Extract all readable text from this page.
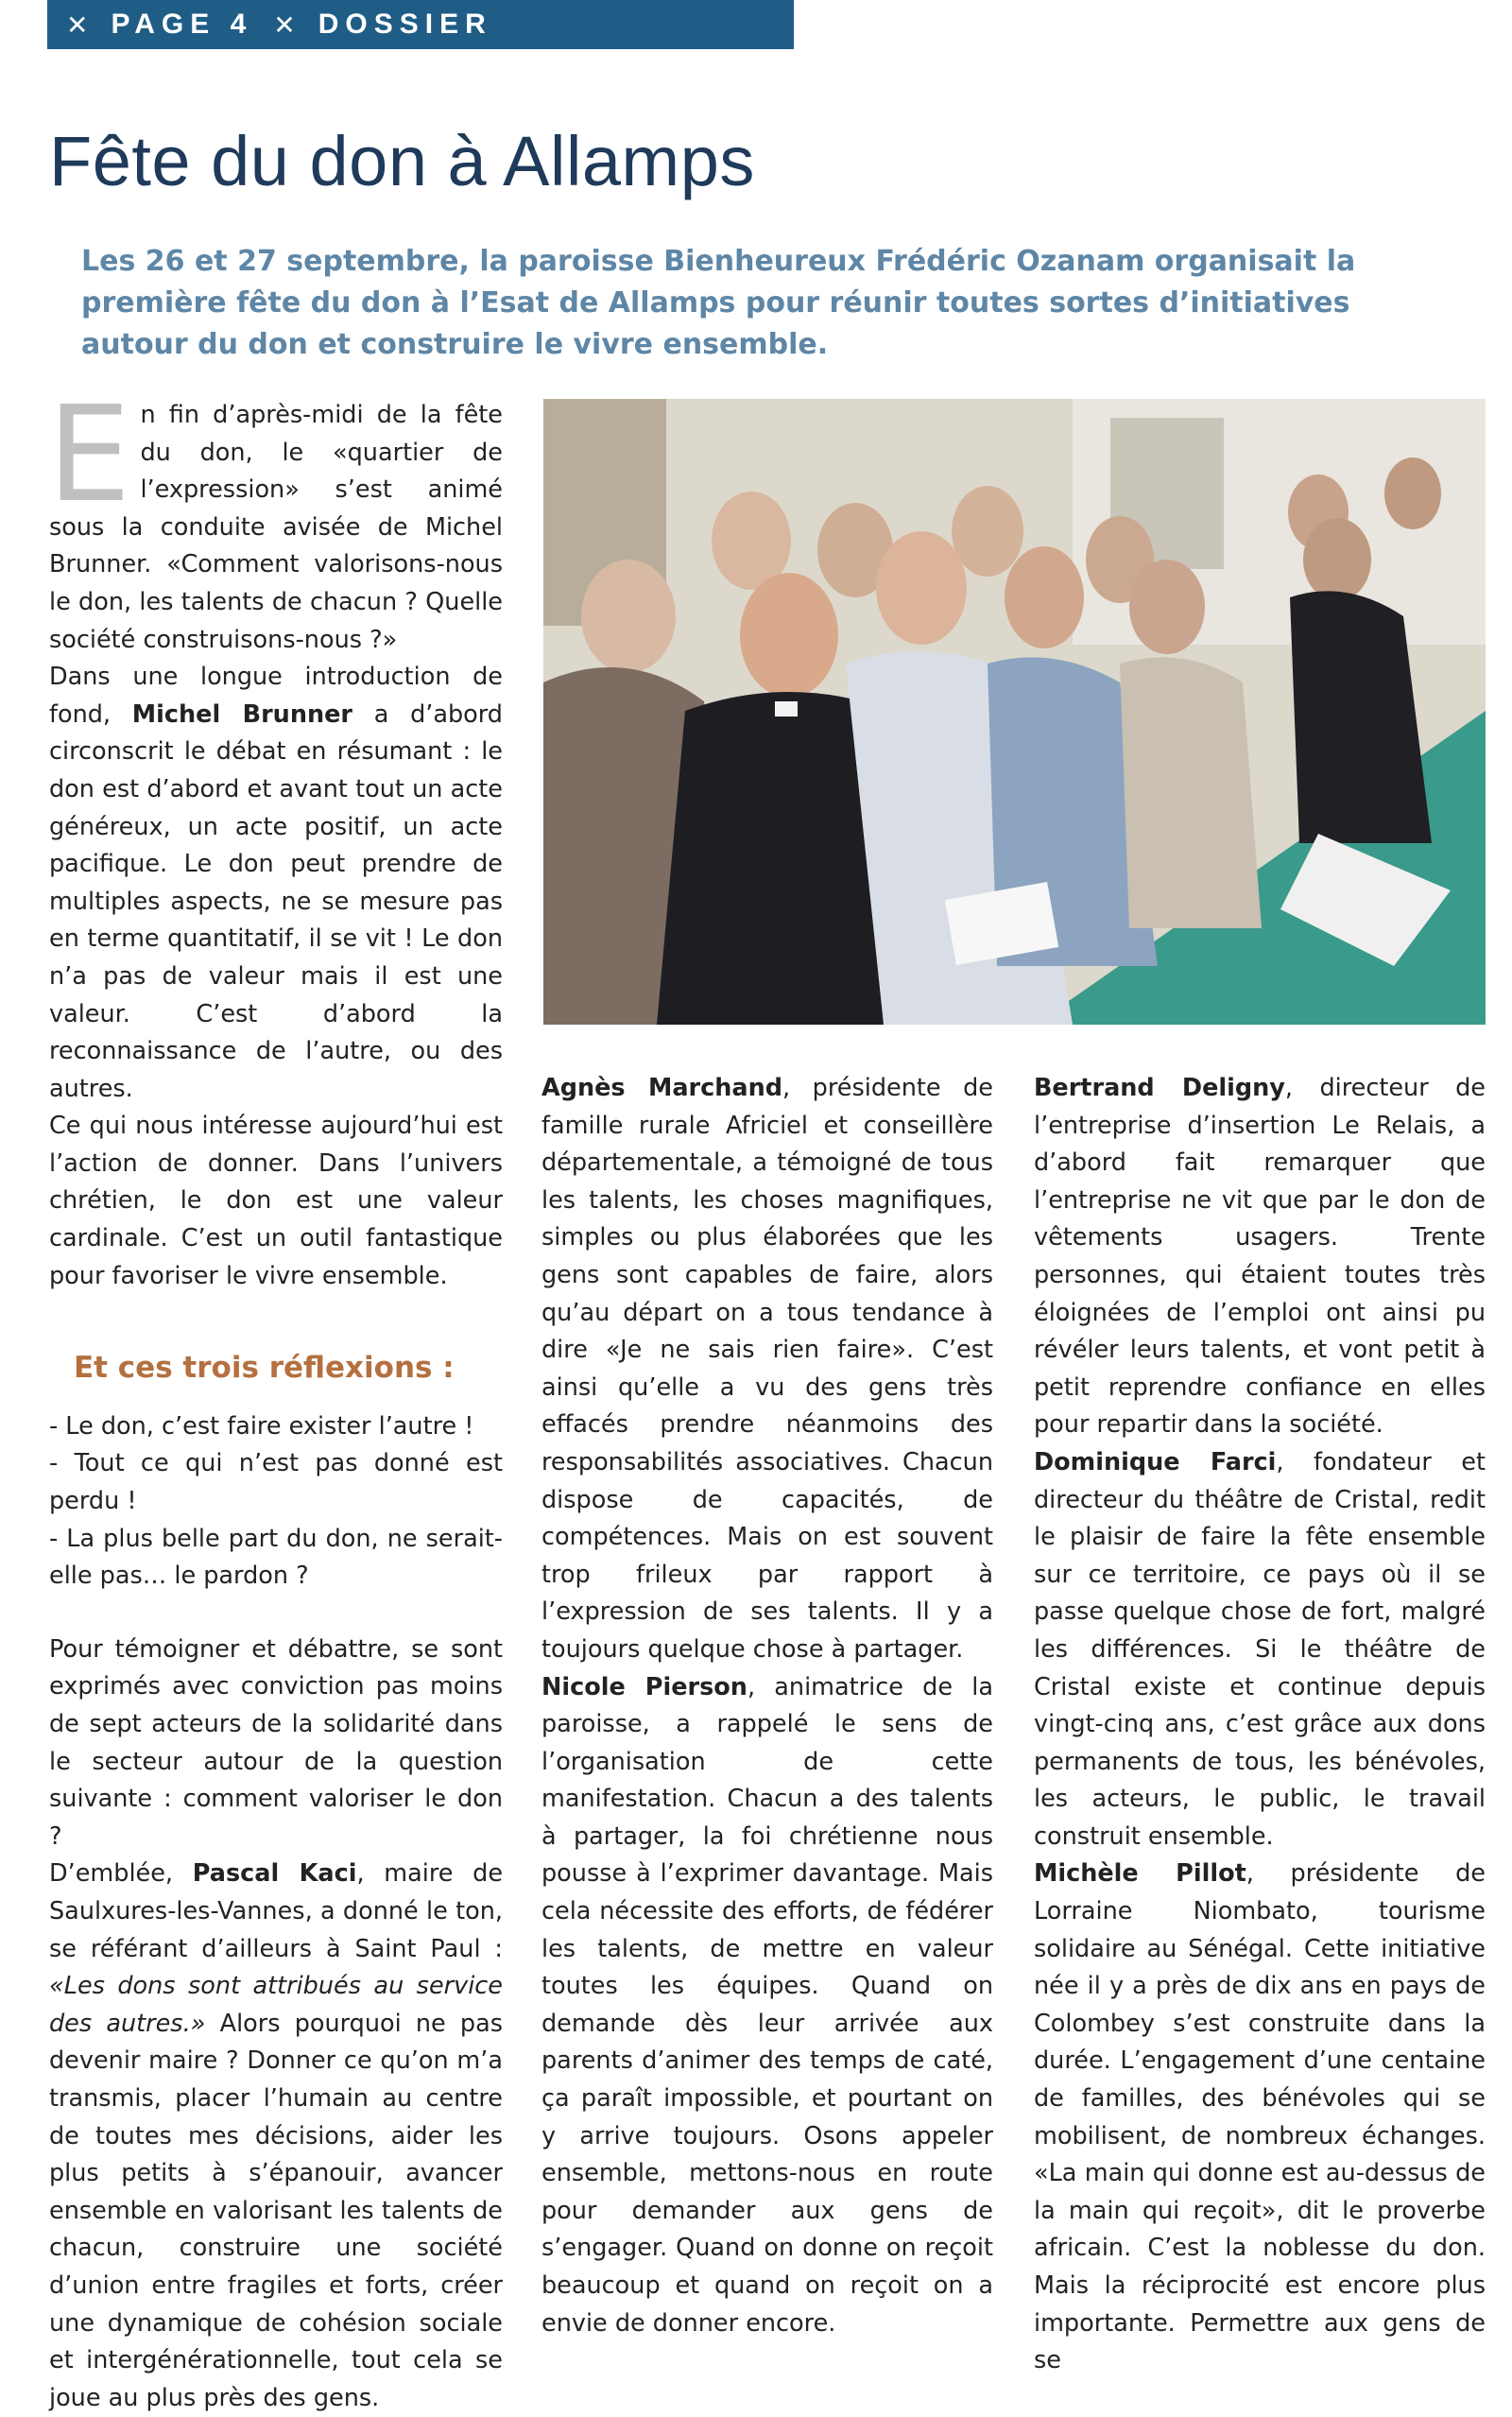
✕ PAGE 4 ✕ DOSSIER
Fête du don à Allamps

Les 26 et 27 septembre, la paroisse Bienheureux Frédéric Ozanam organisait la première fête du don à l’Esat de Allamps pour réunir toutes sortes d’initiatives autour du don et construire le vivre ensemble.

En fin d’après-midi de la fête du don, le «quartier de l’expression» s’est animé sous la conduite avisée de Michel Brunner. «Comment valorisons-nous le don, les talents de chacun ? Quelle société construisons-nous ?»

Dans une longue introduction de fond, Michel Brunner a d’abord circonscrit le débat en résumant : le don est d’abord et avant tout un acte généreux, un acte positif, un acte pacifique. Le don peut prendre de multiples aspects, ne se mesure pas en terme quantitatif, il se vit ! Le don n’a pas de valeur mais il est une valeur. C’est d’abord la reconnaissance de l’autre, ou des autres.

Ce qui nous intéresse aujourd’hui est l’action de donner. Dans l’univers chrétien, le don est une valeur cardinale. C’est un outil fantastique pour favoriser le vivre ensemble.

Et ces trois réflexions :

- Le don, c’est faire exister l’autre !

- Tout ce qui n’est pas donné est perdu !

- La plus belle part du don, ne serait-elle pas… le pardon ?

Pour témoigner et débattre, se sont exprimés avec conviction pas moins de sept acteurs de la solidarité dans le secteur autour de la question suivante : comment valoriser le don ?

D’emblée, Pascal Kaci, maire de Saulxures-les-Vannes, a donné le ton, se référant d’ailleurs à Saint Paul : «Les dons sont attribués au service des autres.» Alors pourquoi ne pas devenir maire ? Donner ce qu’on m’a transmis, placer l’humain au centre de toutes mes décisions, aider les plus petits à s’épanouir, avancer ensemble en valorisant les talents de chacun, construire une société d’union entre fragiles et forts, créer une dynamique de cohésion sociale et intergénérationnelle, tout cela se joue au plus près des gens.

Agnès Marchand, présidente de famille rurale Africiel et conseillère départementale, a témoigné de tous les talents, les choses magnifiques, simples ou plus élaborées que les gens sont capables de faire, alors qu’au départ on a tous tendance à dire «Je ne sais rien faire». C’est ainsi qu’elle a vu des gens très effacés prendre néanmoins des responsabilités associatives. Chacun dispose de capacités, de compétences. Mais on est souvent trop frileux par rapport à l’expression de ses talents. Il y a toujours quelque chose à partager.

Nicole Pierson, animatrice de la paroisse, a rappelé le sens de l’organisation de cette manifestation. Chacun a des talents à partager, la foi chrétienne nous pousse à l’exprimer davantage. Mais cela nécessite des efforts, de fédérer les talents, de mettre en valeur toutes les équipes. Quand on demande dès leur arrivée aux parents d’animer des temps de caté, ça paraît impossible, et pourtant on y arrive toujours. Osons appeler ensemble, mettons-nous en route pour demander aux gens de s’engager. Quand on donne on reçoit beaucoup et quand on reçoit on a envie de donner encore.

Bertrand Deligny, directeur de l’entreprise d’insertion Le Relais, a d’abord fait remarquer que l’entreprise ne vit que par le don de vêtements usagers. Trente personnes, qui étaient toutes très éloignées de l’emploi ont ainsi pu révéler leurs talents, et vont petit à petit reprendre confiance en elles pour repartir dans la société.

Dominique Farci, fondateur et directeur du théâtre de Cristal, redit le plaisir de faire la fête ensemble sur ce territoire, ce pays où il se passe quelque chose de fort, malgré les différences. Si le théâtre de Cristal existe et continue depuis vingt-cinq ans, c’est grâce aux dons permanents de tous, les bénévoles, les acteurs, le public, le travail construit ensemble.

Michèle Pillot, présidente de Lorraine Niombato, tourisme solidaire au Sénégal. Cette initiative née il y a près de dix ans en pays de Colombey s’est construite dans la durée. L’engagement d’une centaine de familles, des bénévoles qui se mobilisent, de nombreux échanges. «La main qui donne est au-dessus de la main qui reçoit», dit le proverbe africain. C’est la noblesse du don. Mais la réciprocité est encore plus importante. Permettre aux gens de se
